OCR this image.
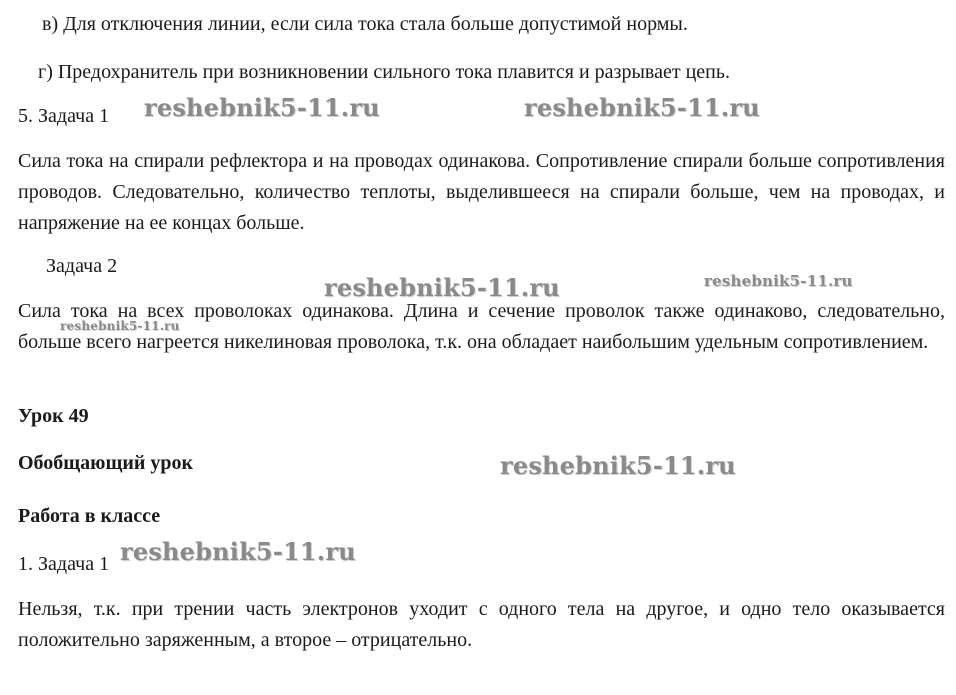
в) Для отключения линии, если сила тока стала больше допустимой нормы.
г) Предохранитель при возникновении сильного тока плавится и разрывает цепь.
5. Задача 1
Сила тока на спирали рефлектора и на проводах одинакова. Сопротивление спирали больше сопротивления проводов. Следовательно, количество теплоты, выделившееся на спирали больше, чем на проводах, и напряжение на ее концах больше.
Задача 2
Сила тока на всех проволоках одинакова. Длина и сечение проволок также одинаково, следовательно, больше всего нагреется никелиновая проволока, т.к. она обладает наибольшим удельным сопротивлением.
Урок 49
Обобщающий урок
Работа в классе
1. Задача 1
Нельзя, т.к. при трении часть электронов уходит с одного тела на другое, и одно тело оказывается положительно заряженным, а второе – отрицательно.
reshebnik5-11.ru	reshebnik5-11.ru
reshebnik5-11.ru	reshebnik5-11.ru
reshebnik5-11.ru
reshebnik5-11.ru
reshebnik5-11.ru
